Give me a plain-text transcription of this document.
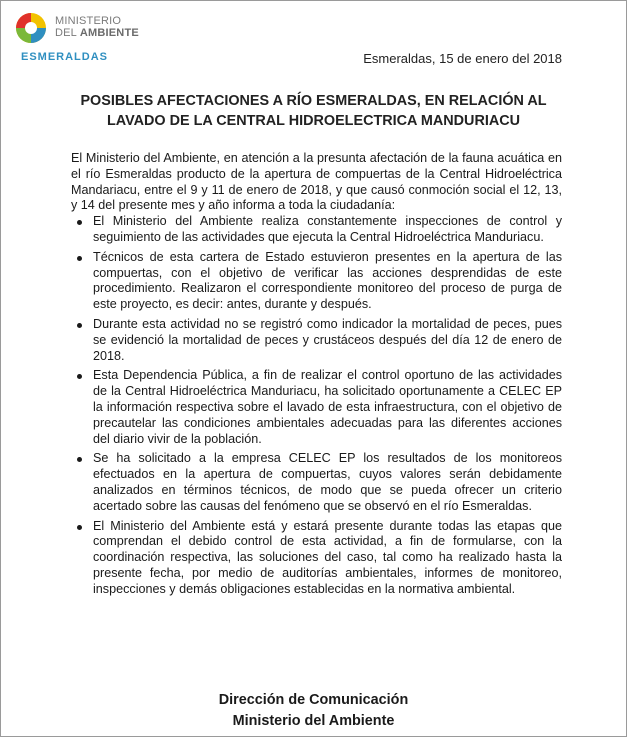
MINISTERIO
DEL AMBIENTE
ESMERALDAS	Esmeraldas, 15 de enero del 2018
POSIBLES AFECTACIONES A RÍO ESMERALDAS, EN RELACIÓN AL
LAVADO DE LA CENTRAL HIDROELECTRICA MANDURIACU

El Ministerio del Ambiente, en atención a la presunta afectación de la fauna acuática en el río Esmeraldas producto de la apertura de compuertas de la Central Hidroeléctrica Mandariacu, entre el 9 y 11 de enero de 2018, y que causó conmoción social el 12, 13, y 14 del presente mes y año informa a toda la ciudadanía:

El Ministerio del Ambiente realiza constantemente inspecciones de control y seguimiento de las actividades que ejecuta la Central Hidroeléctrica Manduriacu.
Técnicos de esta cartera de Estado estuvieron presentes en la apertura de las compuertas, con el objetivo de verificar las acciones desprendidas de este procedimiento. Realizaron el correspondiente monitoreo del proceso de purga de este proyecto, es decir: antes, durante y después.
Durante esta actividad no se registró como indicador la mortalidad de peces, pues se evidenció la mortalidad de peces y crustáceos después del día 12 de enero de 2018.
Esta Dependencia Pública, a fin de realizar el control oportuno de las actividades de la Central Hidroeléctrica Manduriacu, ha solicitado oportunamente a CELEC EP la información respectiva sobre el lavado de esta infraestructura, con el objetivo de precautelar las condiciones ambientales adecuadas para las diferentes acciones del diario vivir de la población.
Se ha solicitado a la empresa CELEC EP los resultados de los monitoreos efectuados en la apertura de compuertas, cuyos valores serán debidamente analizados en términos técnicos, de modo que se pueda ofrecer un criterio acertado sobre las causas del fenómeno que se observó en el río Esmeraldas.
El Ministerio del Ambiente está y estará presente durante todas las etapas que comprendan el debido control de esta actividad, a fin de formularse, con la coordinación respectiva, las soluciones del caso, tal como ha realizado hasta la presente fecha, por medio de auditorías ambientales, informes de monitoreo, inspecciones y demás obligaciones establecidas en la normativa ambiental.
Dirección de Comunicación
Ministerio del Ambiente
